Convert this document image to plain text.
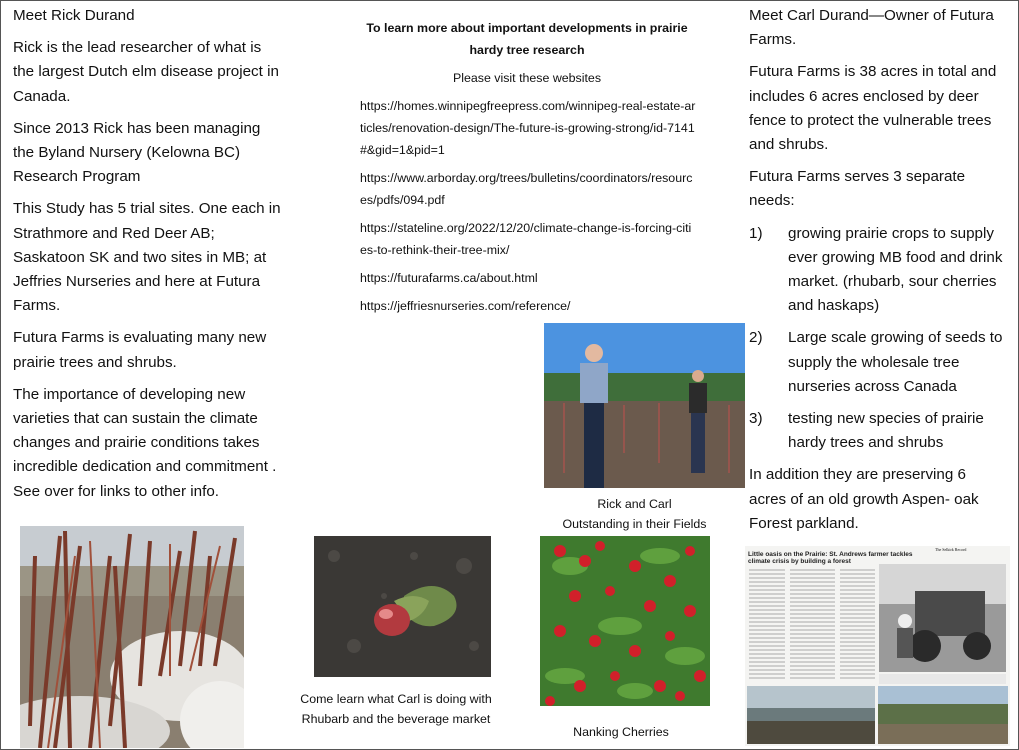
Meet Rick Durand

Rick is the lead researcher of what is the largest Dutch elm disease project in Canada.

Since 2013 Rick has been managing the Byland Nursery (Kelowna BC) Research Program

This Study has 5 trial sites. One each in Strathmore and Red Deer AB; Saskatoon SK and two sites in MB; at Jeffries Nurseries and here at Futura Farms.

Futura Farms is evaluating many new prairie trees and shrubs.

The importance of developing new varieties that can sustain the climate changes and prairie conditions takes incredible dedication and commitment . See over for links to other info.

To learn more about important developments in prairie hardy tree research

Please visit these websites

https://homes.winnipegfreepress.com/winnipeg-real-estate-articles/renovation-design/The-future-is-growing-strong/id-7141#&gid=1&pid=1

https://www.arborday.org/trees/bulletins/coordinators/resources/pdfs/094.pdf

https://stateline.org/2022/12/20/climate-change-is-forcing-cities-to-rethink-their-tree-mix/

https://futurafarms.ca/about.html

https://jeffriesnurseries.com/reference/

Rick and Carl
Outstanding in their Fields
Come learn what Carl is doing with Rhubarb and the beverage market
Nanking Cherries

Meet Carl Durand—Owner of Futura Farms.

Futura Farms is 38 acres in total and includes 6 acres enclosed by deer fence to protect the vulnerable trees and shrubs.

Futura Farms serves 3 separate needs:

1)	growing prairie crops to supply ever growing MB food and drink market. (rhubarb, sour cherries and haskaps)
2)	Large scale growing of seeds to supply the wholesale tree nurseries across Canada
3)	testing new species of prairie hardy trees and shrubs

In addition they are preserving 6 acres of an old growth Aspen- oak Forest parkland.

The Selkirk Record
Little oasis on the Prairie: St. Andrews farmer tackles climate crisis by building a forest
